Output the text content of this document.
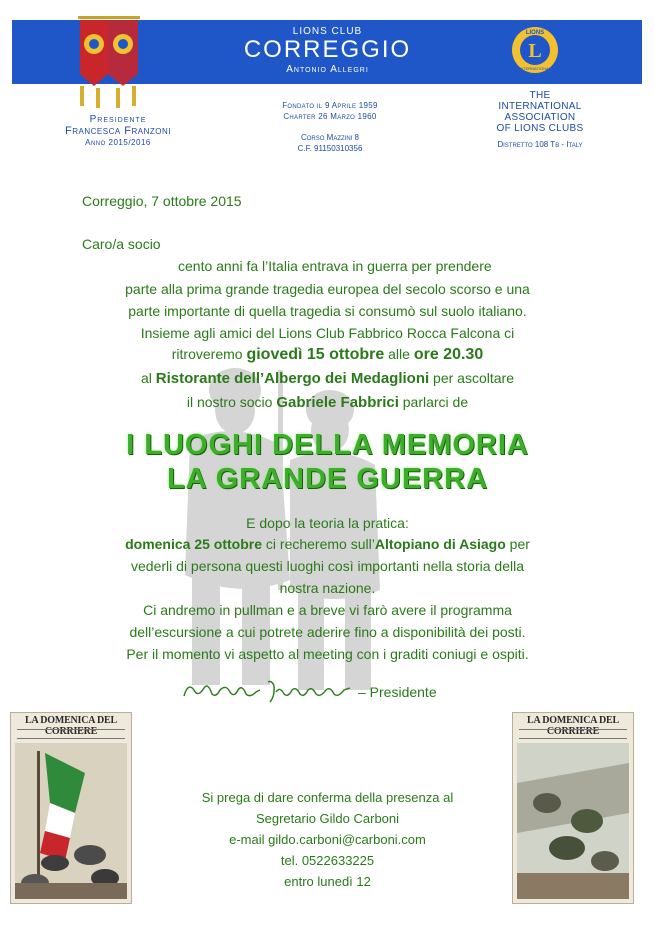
LIONS CLUB
CORREGGIO
Antonio Allegri
L
LIONS
INTERNATIONAL
Presidente
Francesca Franzoni
Anno 2015/2016
Fondato il 9 Aprile 1959
Charter 26 Marzo 1960
Corso Mazzini 8
C.F. 91150310356
THE
INTERNATIONAL
ASSOCIATION
OF LIONS CLUBS
Distretto 108 Tb - Italy
Correggio, 7 ottobre 2015
Caro/a socio
cento anni fa l’Italia entrava in guerra per prendere
parte alla prima grande tragedia europea del secolo scorso e una
parte importante di quella tragedia si consumò sul suolo italiano.
Insieme agli amici del Lions Club Fabbrico Rocca Falcona ci
ritroveremo giovedì 15 ottobre alle ore 20.30
al Ristorante dell’Albergo dei Medaglioni per ascoltare
il nostro socio Gabriele Fabbrici parlarci de
I LUOGHI DELLA MEMORIA
LA GRANDE GUERRA
E dopo la teoria la pratica:
domenica 25 ottobre ci recheremo sull’Altopiano di Asiago per
vederli di persona questi luoghi così importanti nella storia della
nostra nazione.
Ci andremo in pullman e a breve vi farò avere il programma
dell’escursione a cui potrete aderire fino a disponibilità dei posti.
Per il momento vi aspetto al meeting con i graditi coniugi e ospiti.
– Presidente
LA DOMENICA DEL CORRIERE
LA DOMENICA DEL CORRIERE
Si prega di dare conferma della presenza al
Segretario Gildo Carboni
e-mail gildo.carboni@carboni.com
tel. 0522633225
entro lunedì 12
